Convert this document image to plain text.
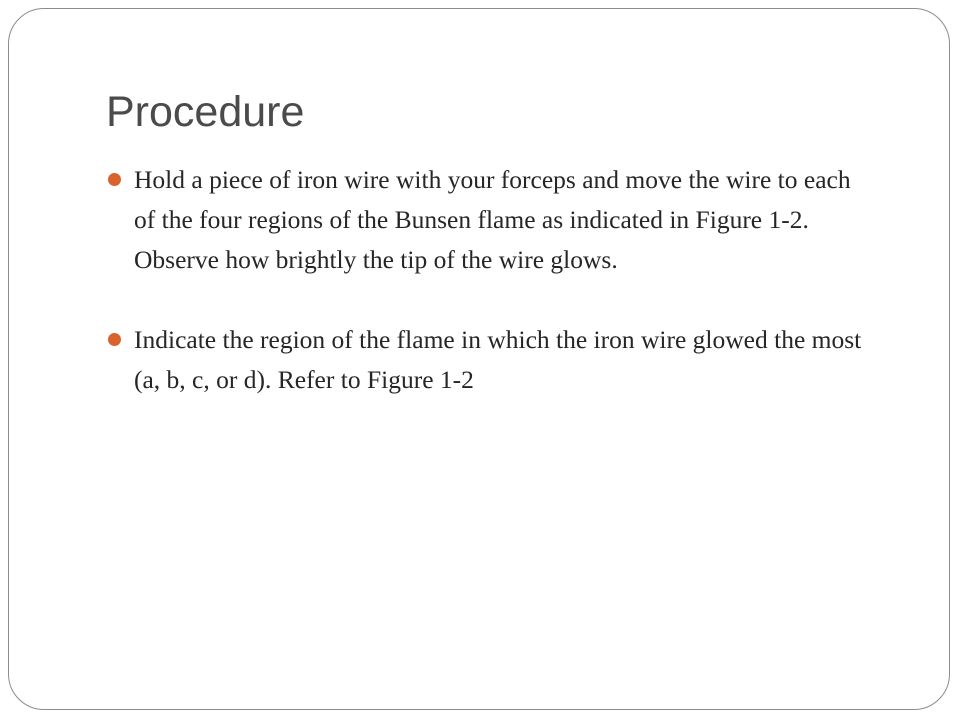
Procedure
Hold a piece of iron wire with your forceps and move the wire to each of the four regions of the Bunsen flame as indicated in Figure 1-2. Observe how brightly the tip of the wire glows.
Indicate the region of the flame in which the iron wire glowed the most (a, b, c, or d). Refer to Figure 1-2
